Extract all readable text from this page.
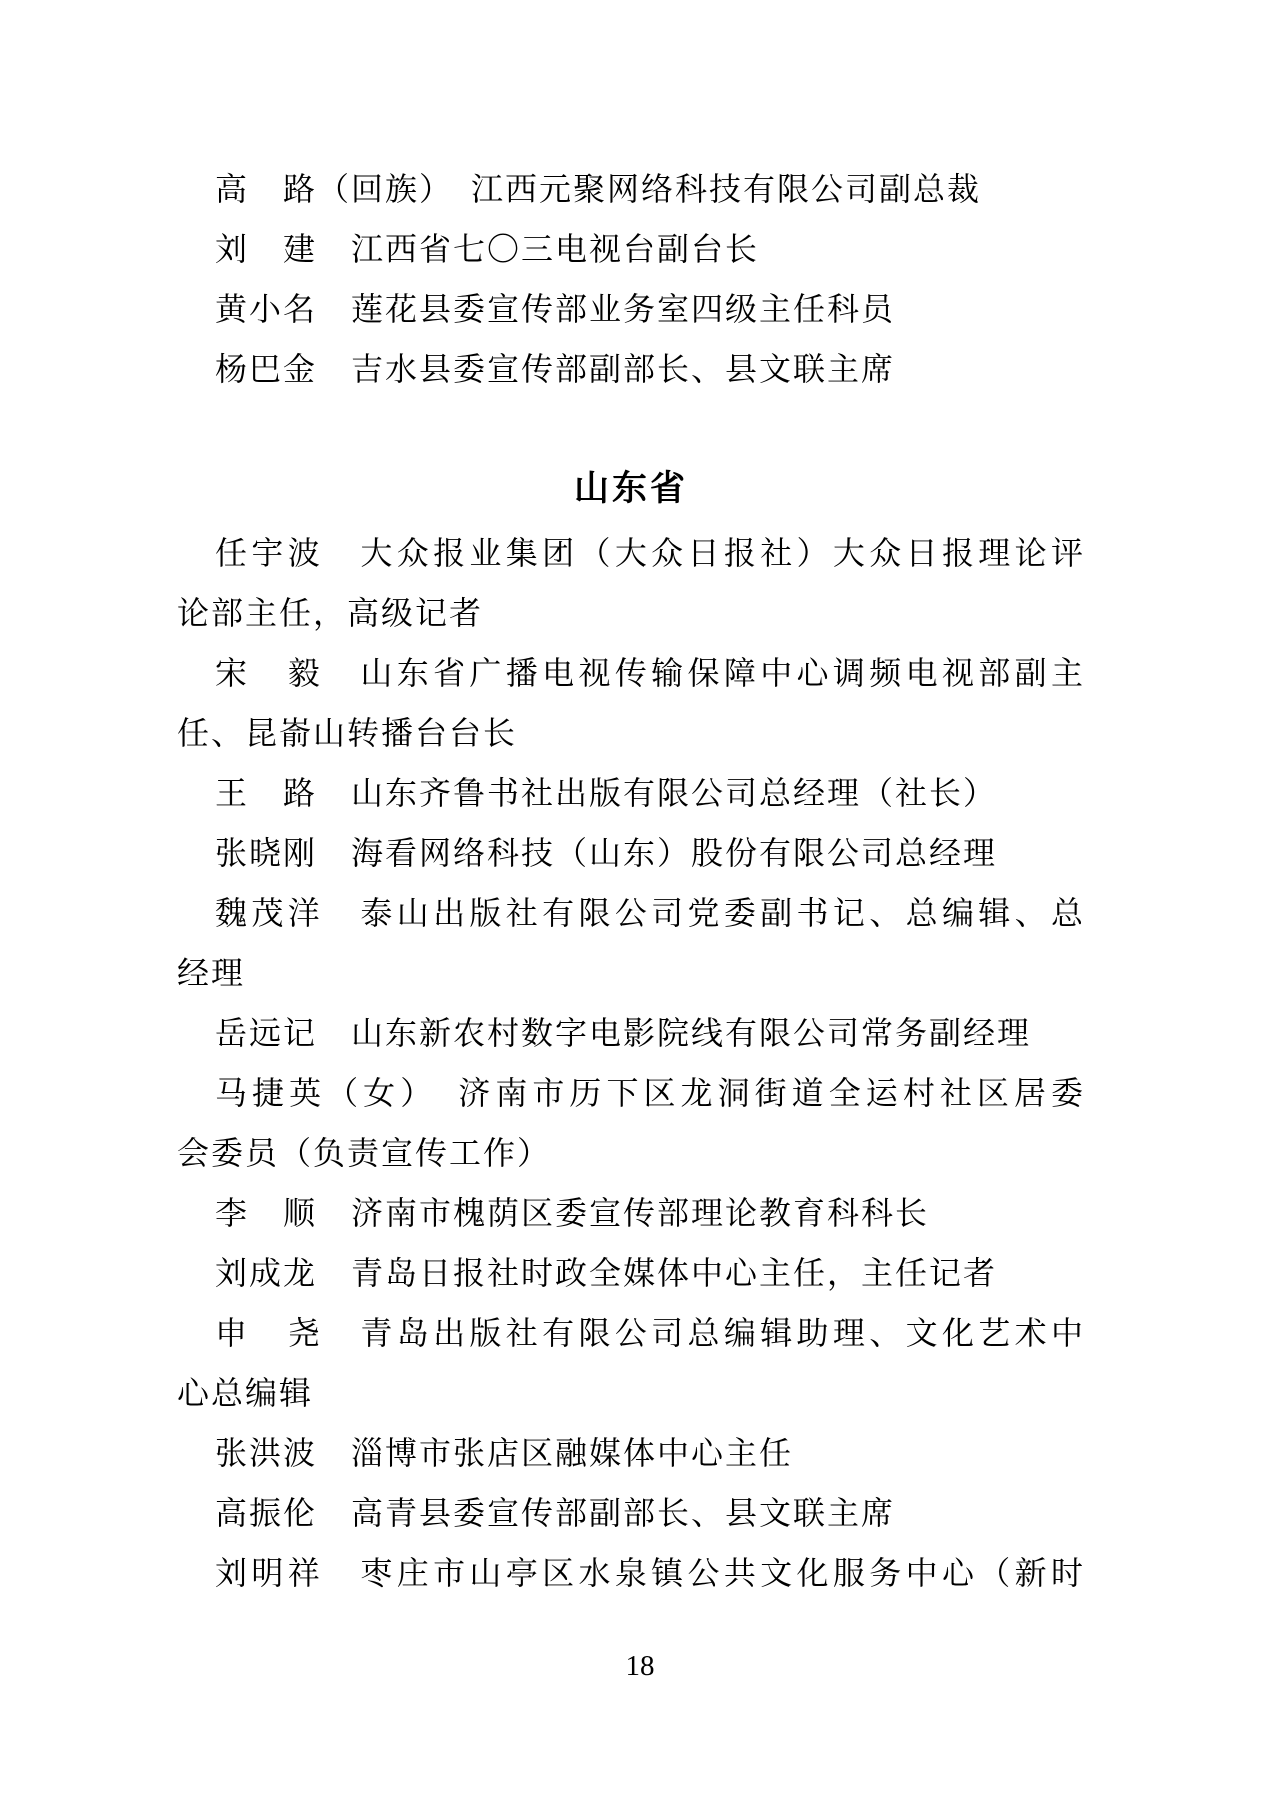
高　路（回族）　江西元聚网络科技有限公司副总裁
刘　建　江西省七〇三电视台副台长
黄小名　莲花县委宣传部业务室四级主任科员
杨巴金　吉水县委宣传部副部长、县文联主席
山东省
任宇波　大众报业集团（大众日报社）大众日报理论评
论部主任，高级记者
宋　毅　山东省广播电视传输保障中心调频电视部副主
任、昆嵛山转播台台长
王　路　山东齐鲁书社出版有限公司总经理（社长）
张晓刚　海看网络科技（山东）股份有限公司总经理
魏茂洋　泰山出版社有限公司党委副书记、总编辑、总
经理
岳远记　山东新农村数字电影院线有限公司常务副经理
马捷英（女）　济南市历下区龙洞街道全运村社区居委
会委员（负责宣传工作）
李　顺　济南市槐荫区委宣传部理论教育科科长
刘成龙　青岛日报社时政全媒体中心主任，主任记者
申　尧　青岛出版社有限公司总编辑助理、文化艺术中
心总编辑
张洪波　淄博市张店区融媒体中心主任
高振伦　高青县委宣传部副部长、县文联主席
刘明祥　枣庄市山亭区水泉镇公共文化服务中心（新时
18
